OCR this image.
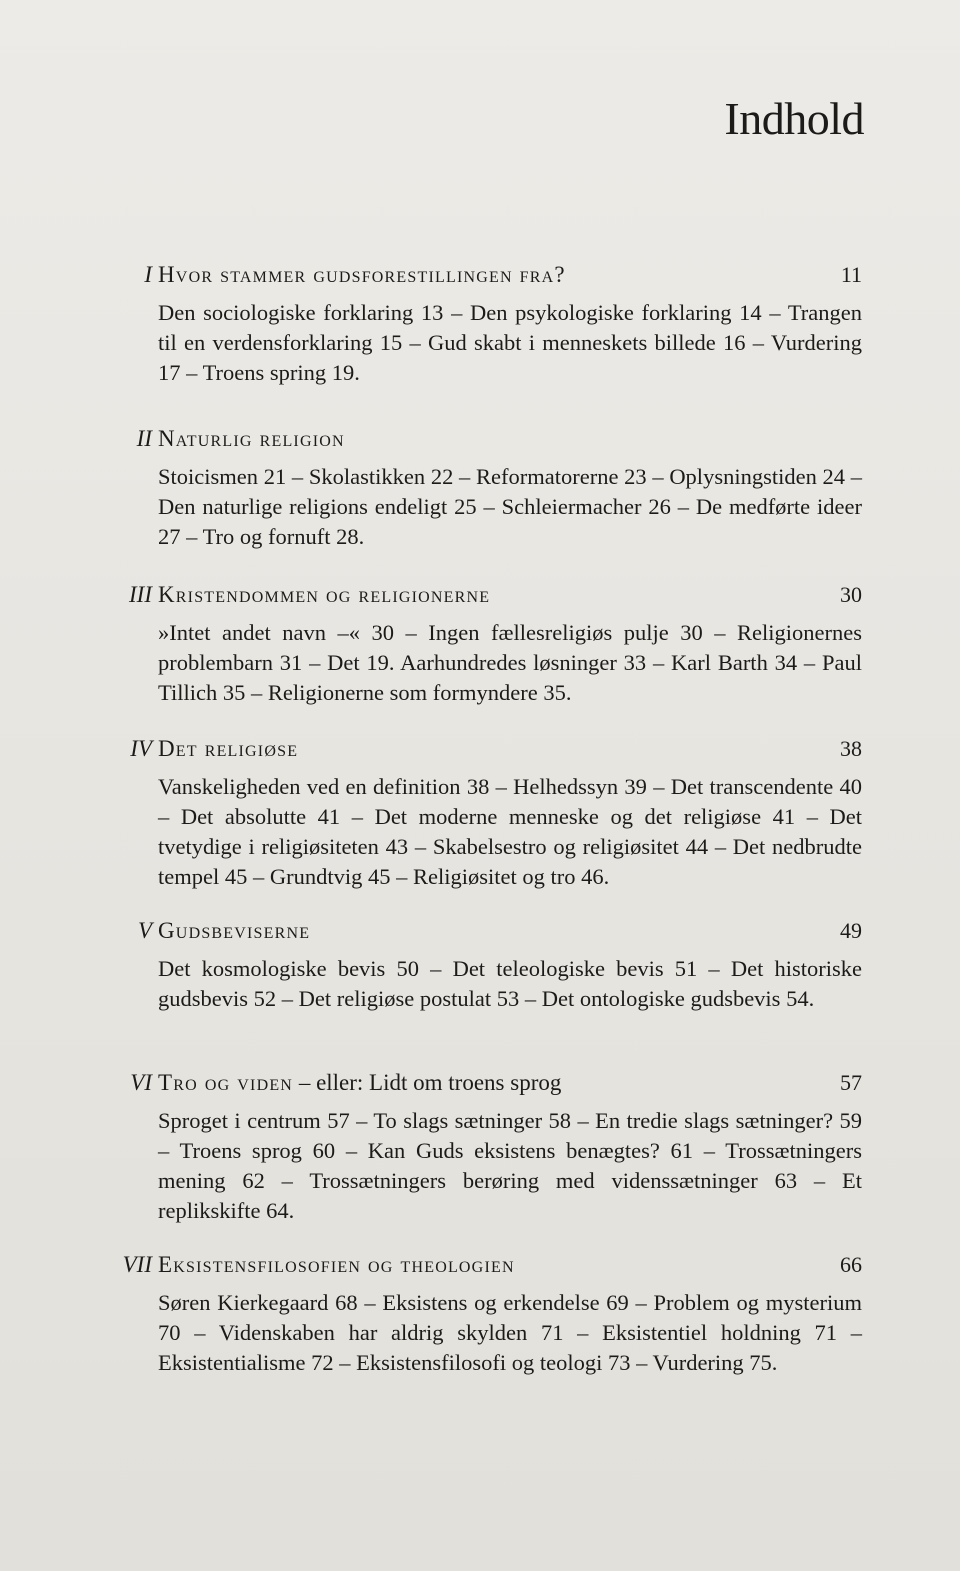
Indhold
I Hvor stammer gudsforestillingen fra?	11
Den sociologiske forklaring 13 – Den psykologiske forklaring 14 – Trangen til en verdensforklaring 15 – Gud skabt i menneskets billede 16 – Vurdering 17 – Troens spring 19.
II Naturlig religion
Stoicismen 21 – Skolastikken 22 – Reformatorerne 23 – Oplysningstiden 24 – Den naturlige religions endeligt 25 – Schleiermacher 26 – De medførte ideer 27 – Tro og fornuft 28.
III Kristendommen og religionerne	30
»Intet andet navn –« 30 – Ingen fællesreligiøs pulje 30 – Religionernes problembarn 31 – Det 19. Aarhundredes løsninger 33 – Karl Barth 34 – Paul Tillich 35 – Religionerne som formyndere 35.
IV Det religiøse	38
Vanskeligheden ved en definition 38 – Helhedssyn 39 – Det transcendente 40 – Det absolutte 41 – Det moderne menneske og det religiøse 41 – Det tvetydige i religiøsiteten 43 – Skabelsestro og religiøsitet 44 – Det nedbrudte tempel 45 – Grundtvig 45 – Religiøsitet og tro 46.
V Gudsbeviserne	49
Det kosmologiske bevis 50 – Det teleologiske bevis 51 – Det historiske gudsbevis 52 – Det religiøse postulat 53 – Det ontologiske gudsbevis 54.
VI Tro og viden – eller: Lidt om troens sprog	57
Sproget i centrum 57 – To slags sætninger 58 – En tredie slags sætninger? 59 – Troens sprog 60 – Kan Guds eksistens benægtes? 61 – Trossætningers mening 62 – Trossætningers berøring med videnssætninger 63 – Et replikskifte 64.
VII Eksistensfilosofien og theologien	66
Søren Kierkegaard 68 – Eksistens og erkendelse 69 – Problem og mysterium 70 – Videnskaben har aldrig skylden 71 – Eksistentiel holdning 71 – Eksistentialisme 72 – Eksistensfilosofi og teologi 73 – Vurdering 75.
